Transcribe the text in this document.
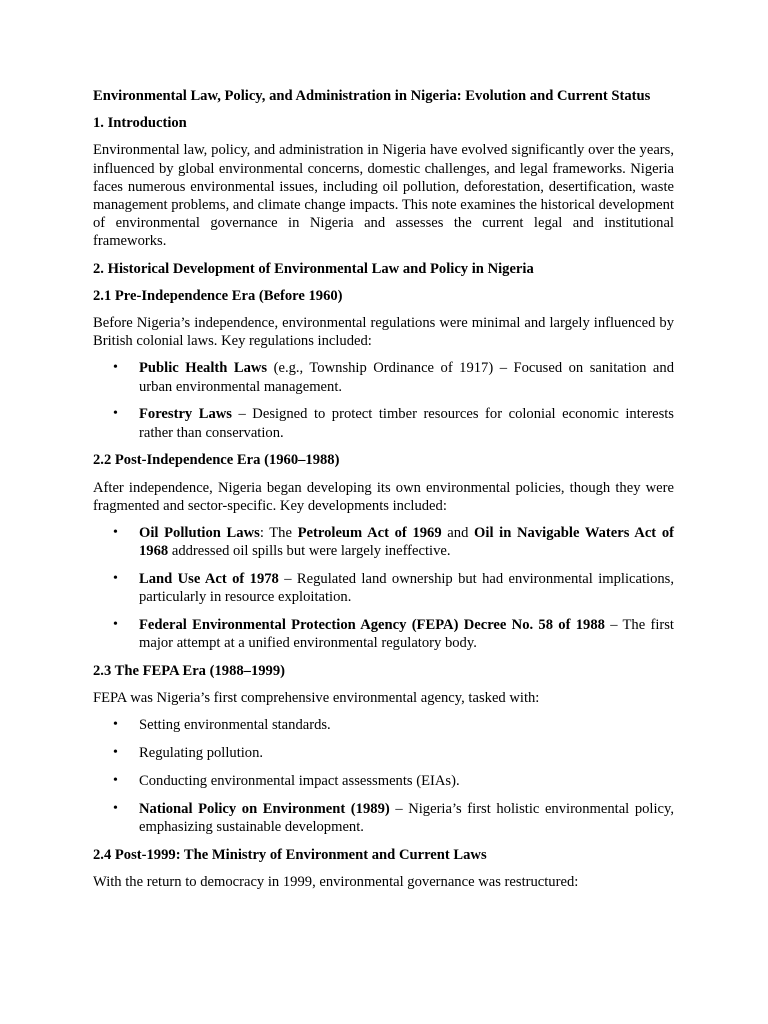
Environmental Law, Policy, and Administration in Nigeria: Evolution and Current Status
1. Introduction
Environmental law, policy, and administration in Nigeria have evolved significantly over the years, influenced by global environmental concerns, domestic challenges, and legal frameworks. Nigeria faces numerous environmental issues, including oil pollution, deforestation, desertification, waste management problems, and climate change impacts. This note examines the historical development of environmental governance in Nigeria and assesses the current legal and institutional frameworks.
2. Historical Development of Environmental Law and Policy in Nigeria
2.1 Pre-Independence Era (Before 1960)
Before Nigeria’s independence, environmental regulations were minimal and largely influenced by British colonial laws. Key regulations included:
• Public Health Laws (e.g., Township Ordinance of 1917) – Focused on sanitation and urban environmental management.
• Forestry Laws – Designed to protect timber resources for colonial economic interests rather than conservation.
2.2 Post-Independence Era (1960–1988)
After independence, Nigeria began developing its own environmental policies, though they were fragmented and sector-specific. Key developments included:
• Oil Pollution Laws: The Petroleum Act of 1969 and Oil in Navigable Waters Act of 1968 addressed oil spills but were largely ineffective.
• Land Use Act of 1978 – Regulated land ownership but had environmental implications, particularly in resource exploitation.
• Federal Environmental Protection Agency (FEPA) Decree No. 58 of 1988 – The first major attempt at a unified environmental regulatory body.
2.3 The FEPA Era (1988–1999)
FEPA was Nigeria’s first comprehensive environmental agency, tasked with:
• Setting environmental standards.
• Regulating pollution.
• Conducting environmental impact assessments (EIAs).
• National Policy on Environment (1989) – Nigeria’s first holistic environmental policy, emphasizing sustainable development.
2.4 Post-1999: The Ministry of Environment and Current Laws
With the return to democracy in 1999, environmental governance was restructured:
